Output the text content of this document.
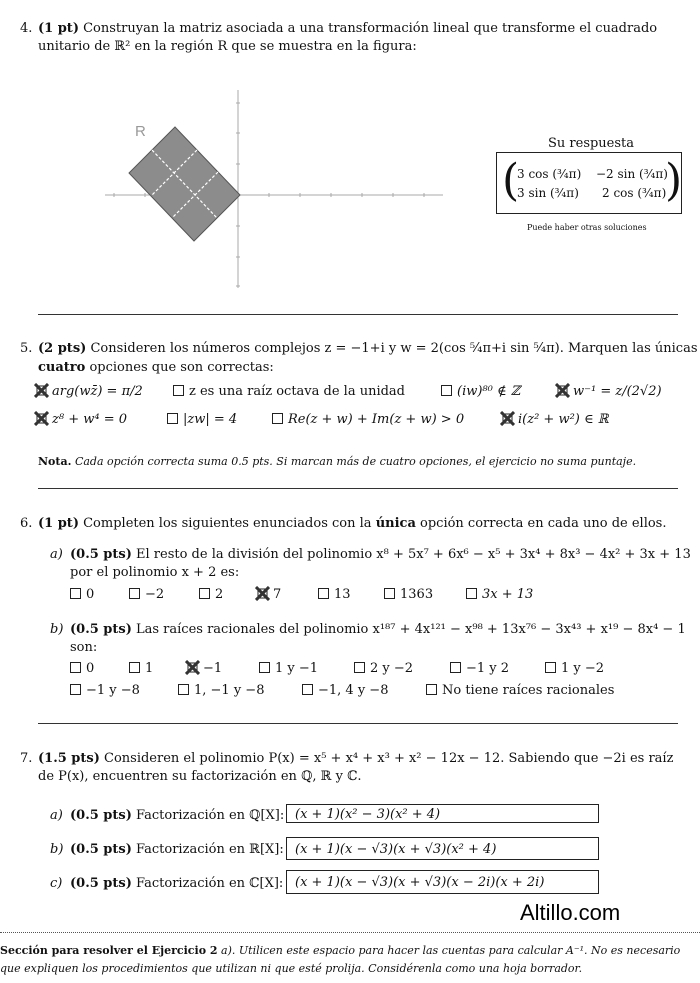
4. (1 pt) Construyan la matriz asociada a una transformación lineal que transforme el cuadrado
unitario de ℝ² en la región R que se muestra en la figura:
R
Su respuesta
(	)
3 cos (¾π) −2 sin (¾π)
3 sin (¾π) 2 cos (¾π)
Puede haber otras soluciones
5. (2 pts) Consideren los números complejos z = −1+i y w = 2(cos ⁵⁄₄π+i sin ⁵⁄₄π). Marquen las únicas
cuatro opciones que son correctas:
arg(wz̄) = π/2	z es una raíz octava de la unidad	(iw)⁸⁰ ∉ ℤ	w⁻¹ = z/(2√2)
z⁸ + w⁴ = 0	|zw| = 4	Re(z + w) + Im(z + w) > 0	i(z² + w²) ∈ ℝ
Nota. Cada opción correcta suma 0.5 pts. Si marcan más de cuatro opciones, el ejercicio no suma puntaje.
6. (1 pt) Completen los siguientes enunciados con la única opción correcta en cada uno de ellos.
a) (0.5 pts) El resto de la división del polinomio x⁸ + 5x⁷ + 6x⁶ − x⁵ + 3x⁴ + 8x³ − 4x² + 3x + 13
por el polinomio x + 2 es:
0	−2	2	7	13	1363	3x + 13
b) (0.5 pts) Las raíces racionales del polinomio x¹⁸⁷ + 4x¹²¹ − x⁹⁸ + 13x⁷⁶ − 3x⁴³ + x¹⁹ − 8x⁴ − 1
son:
0	1	−1	1 y −1	2 y −2	−1 y 2	1 y −2
−1 y −8	1, −1 y −8	−1, 4 y −8	No tiene raíces racionales
7. (1.5 pts) Consideren el polinomio P(x) = x⁵ + x⁴ + x³ + x² − 12x − 12. Sabiendo que −2i es raíz
de P(x), encuentren su factorización en ℚ, ℝ y ℂ.
a) (0.5 pts) Factorización en ℚ[X]: (x + 1)(x² − 3)(x² + 4)
b) (0.5 pts) Factorización en ℝ[X]: (x + 1)(x − √3)(x + √3)(x² + 4)
c) (0.5 pts) Factorización en ℂ[X]: (x + 1)(x − √3)(x + √3)(x − 2i)(x + 2i)
Altillo.com
Sección para resolver el Ejercicio 2 a). Utilicen este espacio para hacer las cuentas para calcular A⁻¹. No es necesario
que expliquen los procedimientos que utilizan ni que esté prolija. Considérenla como una hoja borrador.
